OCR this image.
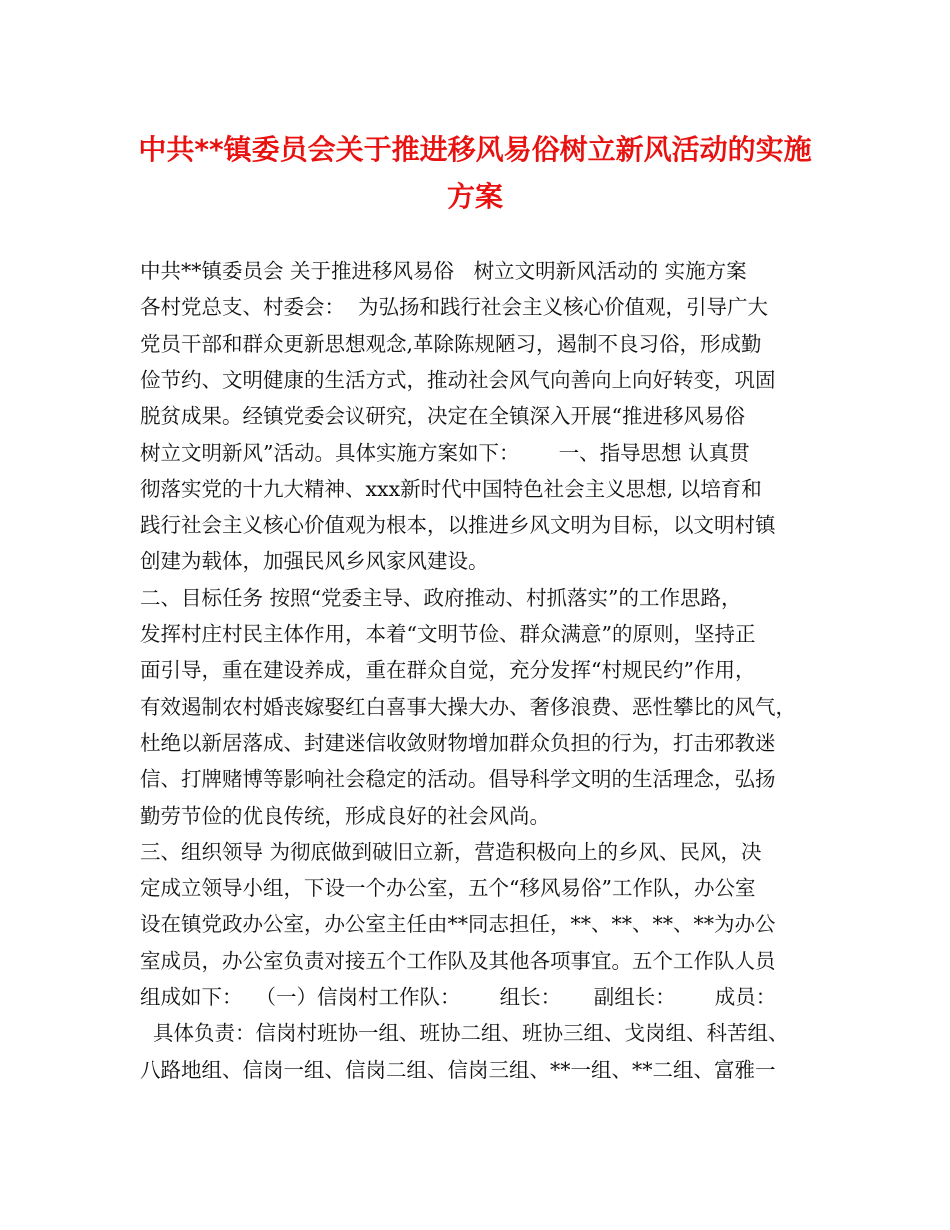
中共**镇委员会关于推进移风易俗树立新风活动的实施
方案
中共**镇委员会 关于推进移风易俗   树立文明新风活动的 实施方案
各村党总支、村委会：  为弘扬和践行社会主义核心价值观，引导广大
党员干部和群众更新思想观念,革除陈规陋习，遏制不良习俗，形成勤
俭节约、文明健康的生活方式，推动社会风气向善向上向好转变，巩固
脱贫成果。经镇党委会议研究，决定在全镇深入开展“推进移风易俗
树立文明新风”活动。具体实施方案如下：      一、指导思想 认真贯
彻落实党的十九大精神、xxx新时代中国特色社会主义思想, 以培育和
践行社会主义核心价值观为根本，以推进乡风文明为目标，以文明村镇
创建为载体，加强民风乡风家风建设。
二、目标任务 按照“党委主导、政府推动、村抓落实”的工作思路，
发挥村庄村民主体作用，本着“文明节俭、群众满意”的原则，坚持正
面引导，重在建设养成，重在群众自觉，充分发挥“村规民约”作用，
有效遏制农村婚丧嫁娶红白喜事大操大办、奢侈浪费、恶性攀比的风气，
杜绝以新居落成、封建迷信收敛财物增加群众负担的行为，打击邪教迷
信、打牌赌博等影响社会稳定的活动。倡导科学文明的生活理念，弘扬
勤劳节俭的优良传统，形成良好的社会风尚。
三、组织领导 为彻底做到破旧立新，营造积极向上的乡风、民风，决
定成立领导小组，下设一个办公室，五个“移风易俗”工作队，办公室
设在镇党政办公室，办公室主任由**同志担任，**、**、**、**为办公
室成员，办公室负责对接五个工作队及其他各项事宜。五个工作队人员
组成如下：  （一）信岗村工作队：      组长：     副组长：      成员：
具体负责：信岗村班协一组、班协二组、班协三组、戈岗组、科苦组、
八路地组、信岗一组、信岗二组、信岗三组、**一组、**二组、富雅一
